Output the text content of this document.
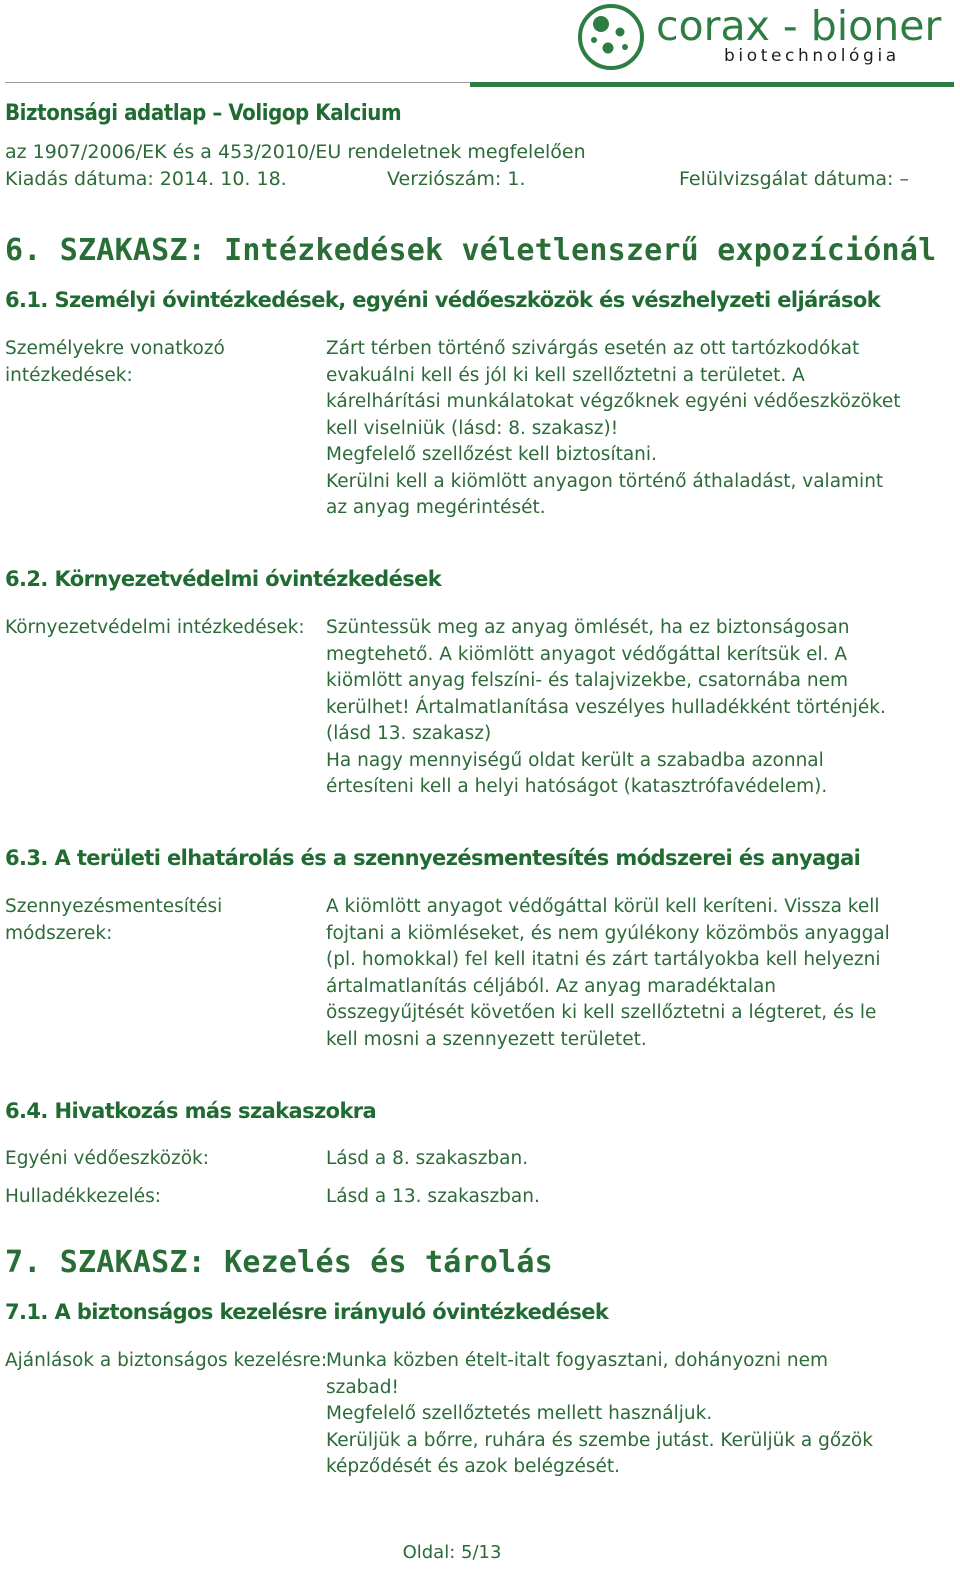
corax - bioner
biotechnológia
Biztonsági adatlap – Voligop Kalcium
az 1907/2006/EK és a 453/2010/EU rendeletnek megfelelően
Kiadás dátuma: 2014. 10. 18.	Verziószám: 1.	Felülvizsgálat dátuma: –
6. SZAKASZ: Intézkedések véletlenszerű expozíciónál
6.1. Személyi óvintézkedések, egyéni védőeszközök és vészhelyzeti eljárások
Személyekre vonatkozó
intézkedések:
Zárt térben történő szivárgás esetén az ott tartózkodókat
evakuálni kell és jól ki kell szellőztetni a területet. A
kárelhárítási munkálatokat végzőknek egyéni védőeszközöket
kell viselniük (lásd: 8. szakasz)!
Megfelelő szellőzést kell biztosítani.
Kerülni kell a kiömlött anyagon történő áthaladást, valamint
az anyag megérintését.
6.2. Környezetvédelmi óvintézkedések
Környezetvédelmi intézkedések: Szüntessük meg az anyag ömlését, ha ez biztonságosan
megtehető. A kiömlött anyagot védőgáttal kerítsük el. A
kiömlött anyag felszíni- és talajvizekbe, csatornába nem
kerülhet! Ártalmatlanítása veszélyes hulladékként történjék.
(lásd 13. szakasz)
Ha nagy mennyiségű oldat került a szabadba azonnal
értesíteni kell a helyi hatóságot (katasztrófavédelem).
6.3. A területi elhatárolás és a szennyezésmentesítés módszerei és anyagai
Szennyezésmentesítési
módszerek:
A kiömlött anyagot védőgáttal körül kell keríteni. Vissza kell
fojtani a kiömléseket, és nem gyúlékony közömbös anyaggal
(pl. homokkal) fel kell itatni és zárt tartályokba kell helyezni
ártalmatlanítás céljából. Az anyag maradéktalan
összegyűjtését követően ki kell szellőztetni a légteret, és le
kell mosni a szennyezett területet.
6.4. Hivatkozás más szakaszokra
Egyéni védőeszközök:	Lásd a 8. szakaszban.
Hulladékkezelés:	Lásd a 13. szakaszban.
7. SZAKASZ: Kezelés és tárolás
7.1. A biztonságos kezelésre irányuló óvintézkedések
Ajánlások a biztonságos kezelésre:
Munka közben ételt-italt fogyasztani, dohányozni nem
szabad!
Megfelelő szellőztetés mellett használjuk.
Kerüljük a bőrre, ruhára és szembe jutást. Kerüljük a gőzök
képződését és azok belégzését.
Oldal: 5/13
